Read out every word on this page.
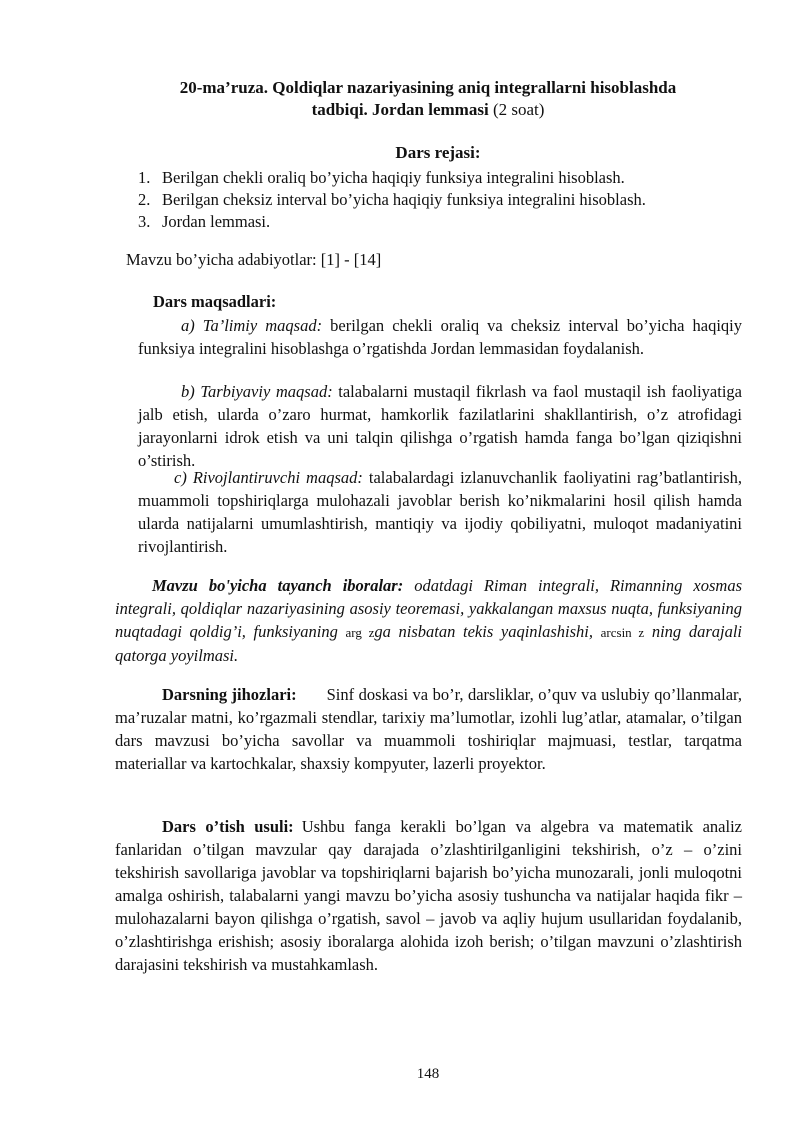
20-ma’ruza. Qoldiqlar nazariyasining aniq integrallarni hisoblashda
tadbiqi. Jordan lemmasi (2 soat)
Dars rejasi:
1. Berilgan chekli oraliq bo’yicha haqiqiy funksiya integralini hisoblash.
2. Berilgan cheksiz interval bo’yicha haqiqiy funksiya integralini hisoblash.
3. Jordan lemmasi.
Mavzu bo’yicha adabiyotlar: [1] - [14]
Dars maqsadlari:
a) Ta’limiy maqsad: berilgan chekli oraliq va cheksiz interval bo’yicha haqiqiy funksiya integralini hisoblashga o’rgatishda Jordan lemmasidan foydalanish.
b) Tarbiyaviy maqsad: talabalarni mustaqil fikrlash va faol mustaqil ish faoliyatiga jalb etish, ularda o’zaro hurmat, hamkorlik fazilatlarini shakllantirish, o’z atrofidagi jarayonlarni idrok etish va uni talqin qilishga o’rgatish hamda fanga bo’lgan qiziqishni o’stirish.
c) Rivojlantiruvchi maqsad: talabalardagi izlanuvchanlik faoliyatini rag’batlantirish, muammoli topshiriqlarga mulohazali javoblar berish ko’nikmalarini hosil qilish hamda ularda natijalarni umumlashtirish, mantiqiy va ijodiy qobiliyatni, muloqot madaniyatini rivojlantirish.
Mavzu bo'yicha tayanch iboralar: odatdagi Riman integrali, Rimanning xosmas integrali, qoldiqlar nazariyasining asosiy teoremasi, yakkalangan maxsus nuqta, funksiyaning nuqtadagi qoldig’i, funksiyaning arg zga nisbatan tekis yaqinlashishi, arcsin z ning darajali qatorga yoyilmasi.
Darsning jihozlari: Sinf doskasi va bo’r, darsliklar, o’quv va uslubiy qo’llanmalar, ma’ruzalar matni, ko’rgazmali stendlar, tarixiy ma’lumotlar, izohli lug’atlar, atamalar, o’tilgan dars mavzusi bo’yicha savollar va muammoli toshiriqlar majmuasi, testlar, tarqatma materiallar va kartochkalar, shaxsiy kompyuter, lazerli proyektor.
Dars o’tish usuli: Ushbu fanga kerakli bo’lgan va algebra va matematik analiz fanlaridan o’tilgan mavzular qay darajada o’zlashtirilganligini tekshirish, o’z – o’zini tekshirish savollariga javoblar va topshiriqlarni bajarish bo’yicha munozarali, jonli muloqotni amalga oshirish, talabalarni yangi mavzu bo’yicha asosiy tushuncha va natijalar haqida fikr – mulohazalarni bayon qilishga o’rgatish, savol – javob va aqliy hujum usullaridan foydalanib, o’zlashtirishga erishish; asosiy iboralarga alohida izoh berish; o’tilgan mavzuni o’zlashtirish darajasini tekshirish va mustahkamlash.
148
